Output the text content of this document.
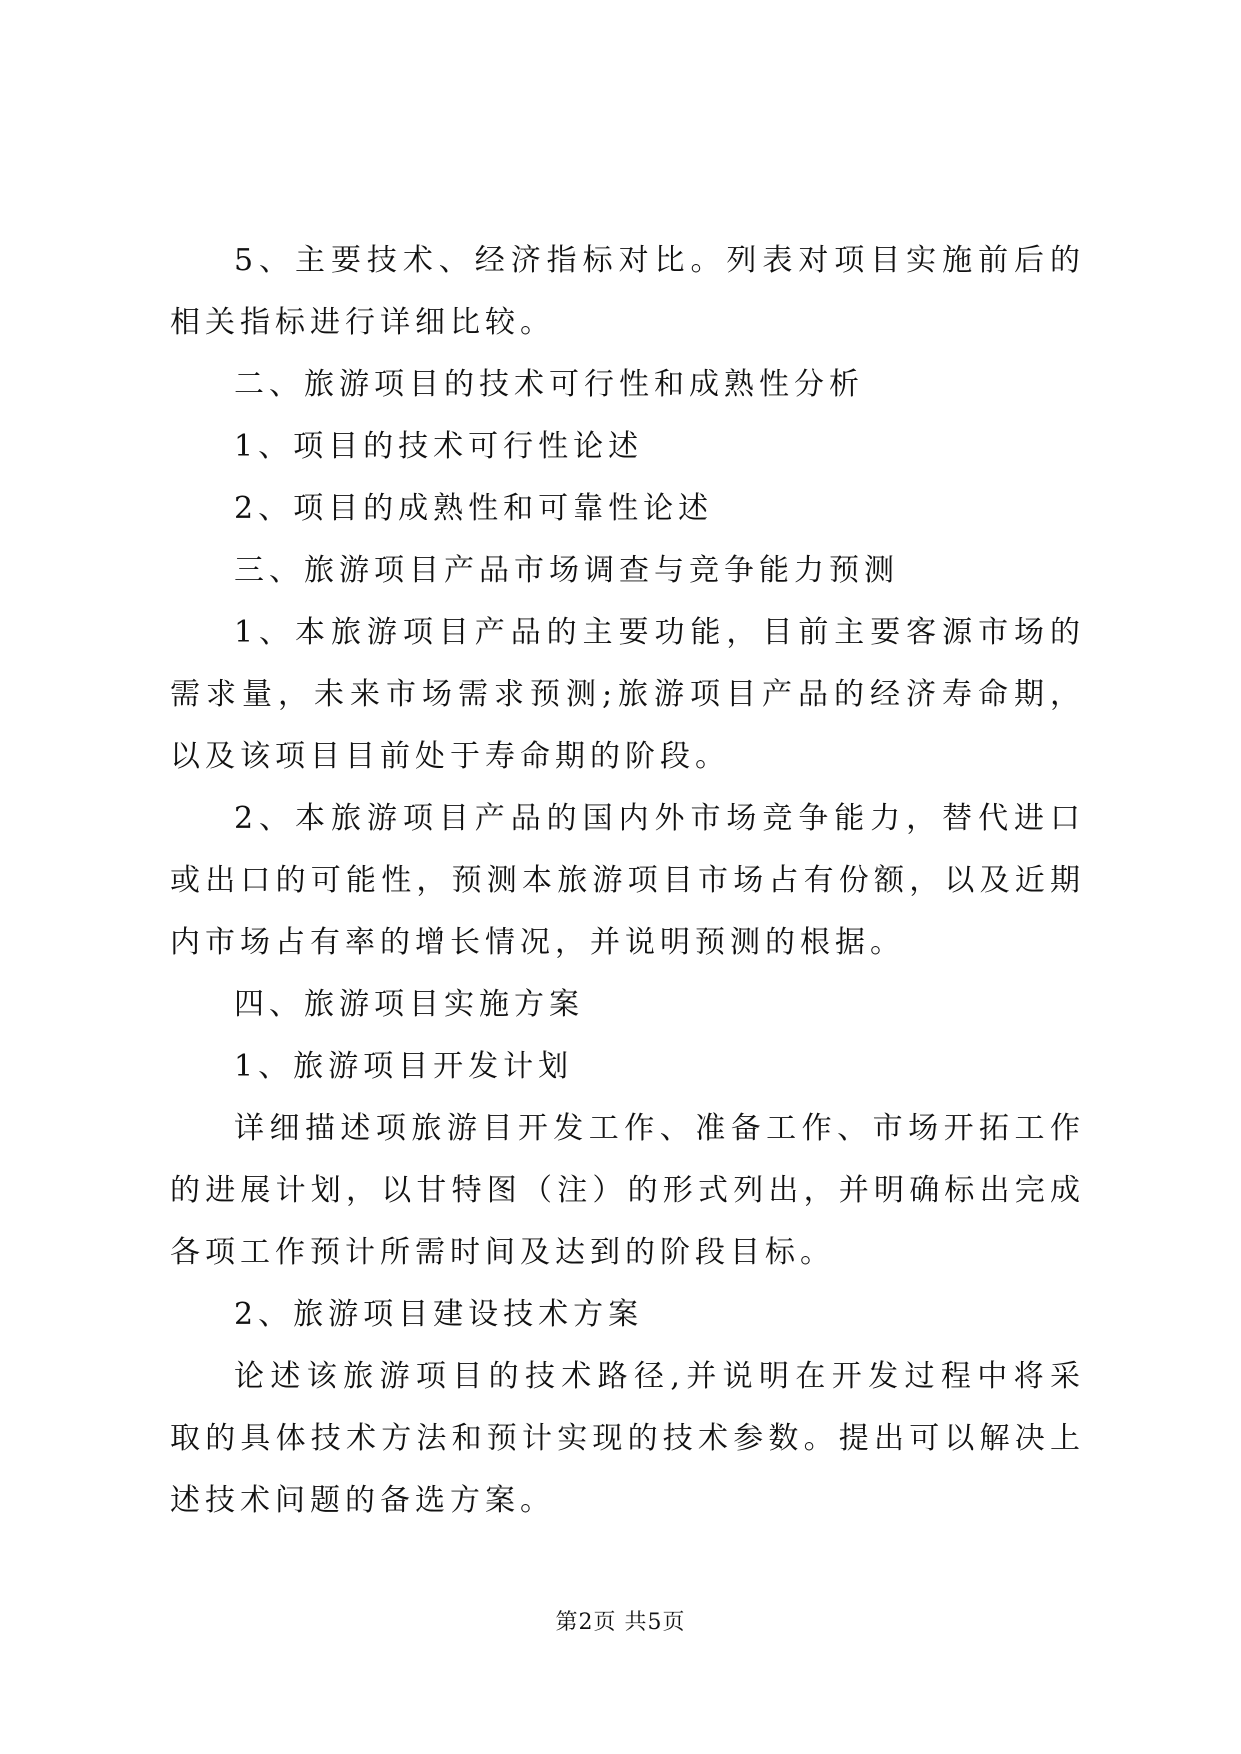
5、主要技术、经济指标对比。列表对项目实施前后的相关指标进行详细比较。

二、旅游项目的技术可行性和成熟性分析

1、项目的技术可行性论述

2、项目的成熟性和可靠性论述

三、旅游项目产品市场调查与竞争能力预测

1、本旅游项目产品的主要功能，目前主要客源市场的需求量，未来市场需求预测;旅游项目产品的经济寿命期，以及该项目目前处于寿命期的阶段。

2、本旅游项目产品的国内外市场竞争能力，替代进口或出口的可能性，预测本旅游项目市场占有份额，以及近期内市场占有率的增长情况，并说明预测的根据。

四、旅游项目实施方案

1、旅游项目开发计划

详细描述项旅游目开发工作、准备工作、市场开拓工作的进展计划，以甘特图（注）的形式列出，并明确标出完成各项工作预计所需时间及达到的阶段目标。

2、旅游项目建设技术方案

论述该旅游项目的技术路径,并说明在开发过程中将采取的具体技术方法和预计实现的技术参数。提出可以解决上述技术问题的备选方案。

第2页 共5页
